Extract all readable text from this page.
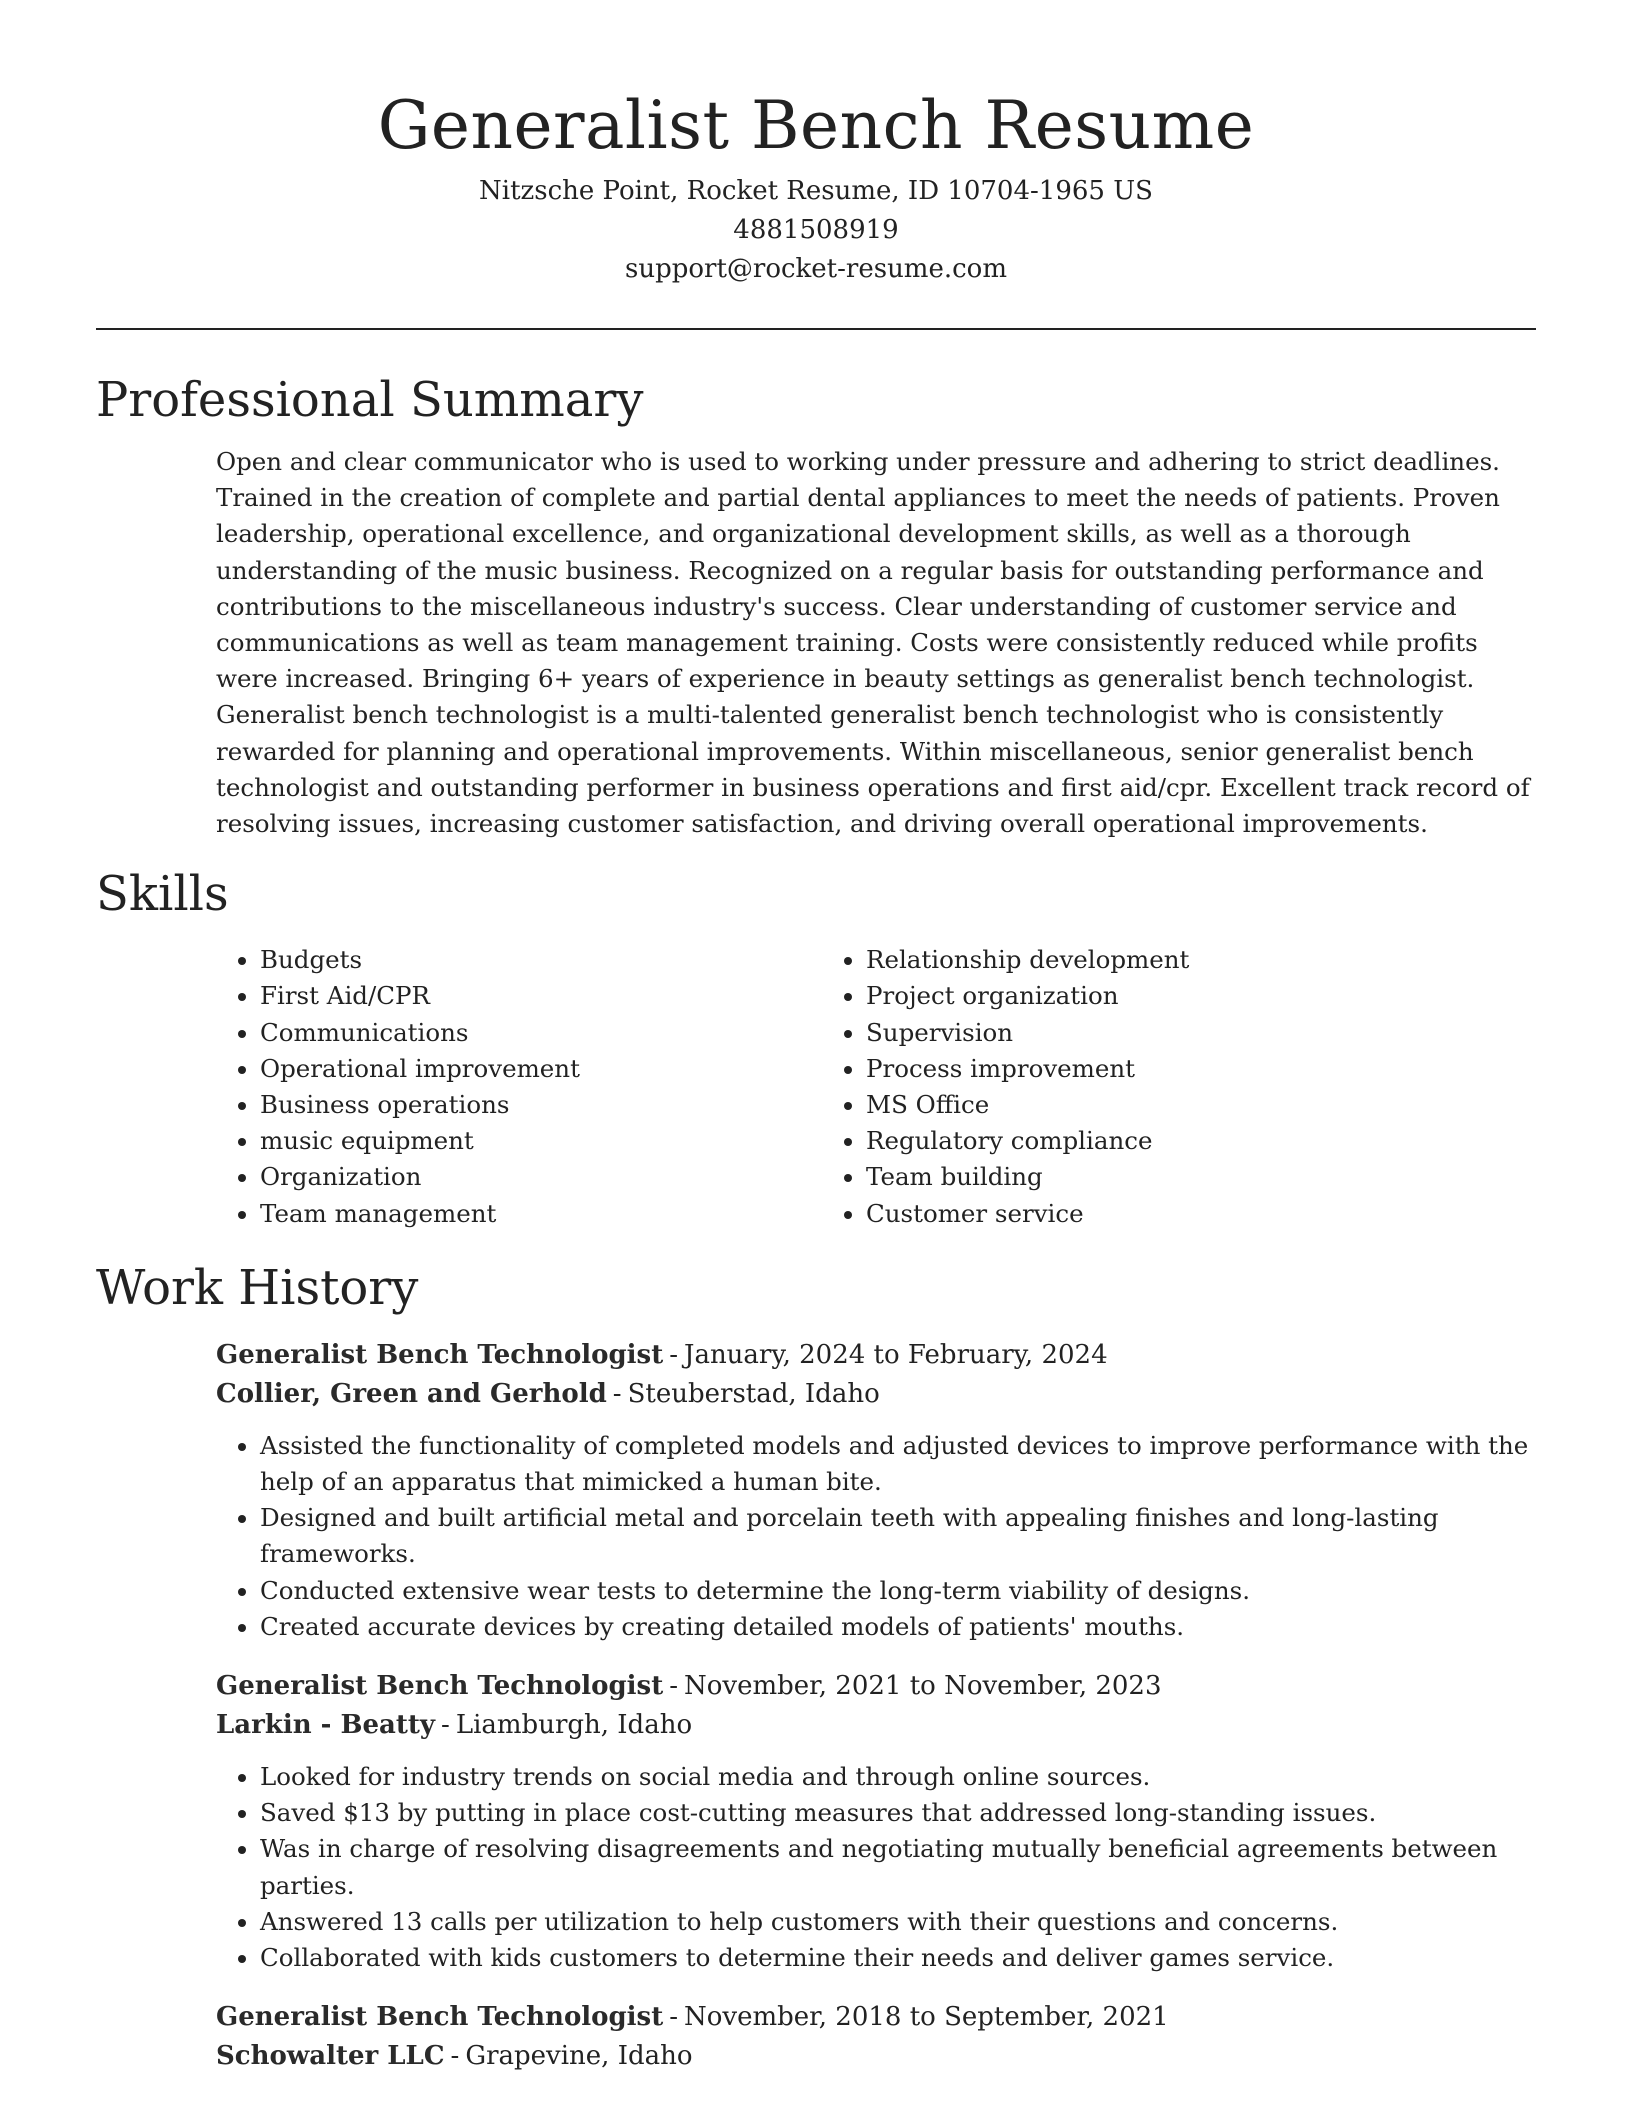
Generalist Bench Resume
Nitzsche Point, Rocket Resume, ID 10704-1965 US
4881508919
support@rocket-resume.com
Professional Summary

Open and clear communicator who is used to working under pressure and adhering to strict deadlines. Trained in the creation of complete and partial dental appliances to meet the needs of patients. Proven leadership, operational excellence, and organizational development skills, as well as a thorough understanding of the music business. Recognized on a regular basis for outstanding performance and contributions to the miscellaneous industry's success. Clear understanding of customer service and communications as well as team management training. Costs were consistently reduced while profits were increased. Bringing 6+ years of experience in beauty settings as generalist bench technologist. Generalist bench technologist is a multi-talented generalist bench technologist who is consistently rewarded for planning and operational improvements. Within miscellaneous, senior generalist bench technologist and outstanding performer in business operations and first aid/cpr. Excellent track record of resolving issues, increasing customer satisfaction, and driving overall operational improvements.

Skills
• Budgets
• First Aid/CPR
• Communications
• Operational improvement
• Business operations
• music equipment
• Organization
• Team management
• Relationship development
• Project organization
• Supervision
• Process improvement
• MS Office
• Regulatory compliance
• Team building
• Customer service
Work History
Generalist Bench Technologist - January, 2024 to February, 2024
Collier, Green and Gerhold - Steuberstad, Idaho
• Assisted the functionality of completed models and adjusted devices to improve performance with the help of an apparatus that mimicked a human bite.
• Designed and built artificial metal and porcelain teeth with appealing finishes and long-lasting frameworks.
• Conducted extensive wear tests to determine the long-term viability of designs.
• Created accurate devices by creating detailed models of patients' mouths.
Generalist Bench Technologist - November, 2021 to November, 2023
Larkin - Beatty - Liamburgh, Idaho
• Looked for industry trends on social media and through online sources.
• Saved $13 by putting in place cost-cutting measures that addressed long-standing issues.
• Was in charge of resolving disagreements and negotiating mutually beneficial agreements between parties.
• Answered 13 calls per utilization to help customers with their questions and concerns.
• Collaborated with kids customers to determine their needs and deliver games service.
Generalist Bench Technologist - November, 2018 to September, 2021
Schowalter LLC - Grapevine, Idaho
